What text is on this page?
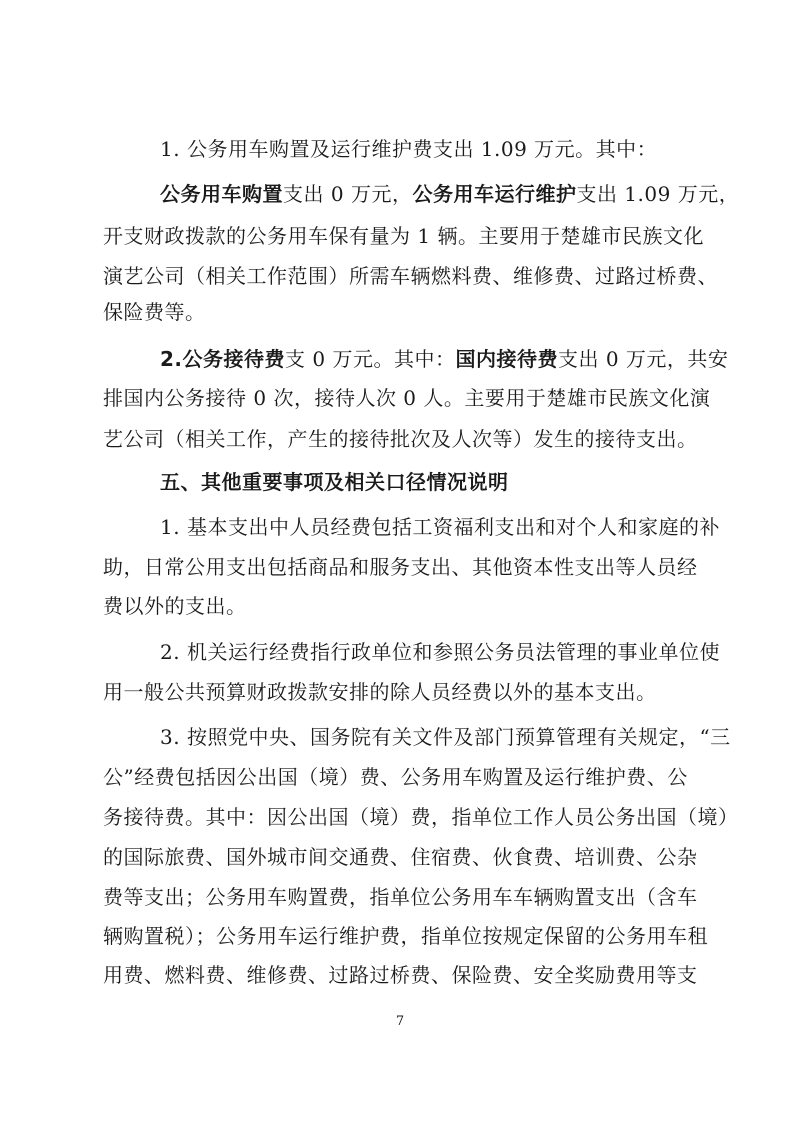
1. 公务用车购置及运行维护费支出 1.09 万元。其中：
公务用车购置支出 0 万元，公务用车运行维护支出 1.09 万元，
开支财政拨款的公务用车保有量为 1 辆。主要用于楚雄市民族文化
演艺公司（相关工作范围）所需车辆燃料费、维修费、过路过桥费、
保险费等。
2.公务接待费支 0 万元。其中：国内接待费支出 0 万元，共安
排国内公务接待 0 次，接待人次 0 人。主要用于楚雄市民族文化演
艺公司（相关工作，产生的接待批次及人次等）发生的接待支出。
五、其他重要事项及相关口径情况说明
1. 基本支出中人员经费包括工资福利支出和对个人和家庭的补
助，日常公用支出包括商品和服务支出、其他资本性支出等人员经
费以外的支出。
2. 机关运行经费指行政单位和参照公务员法管理的事业单位使
用一般公共预算财政拨款安排的除人员经费以外的基本支出。
3. 按照党中央、国务院有关文件及部门预算管理有关规定，“三
公”经费包括因公出国（境）费、公务用车购置及运行维护费、公
务接待费。其中：因公出国（境）费，指单位工作人员公务出国（境）
的国际旅费、国外城市间交通费、住宿费、伙食费、培训费、公杂
费等支出；公务用车购置费，指单位公务用车车辆购置支出（含车
辆购置税）；公务用车运行维护费，指单位按规定保留的公务用车租
用费、燃料费、维修费、过路过桥费、保险费、安全奖励费用等支
7
